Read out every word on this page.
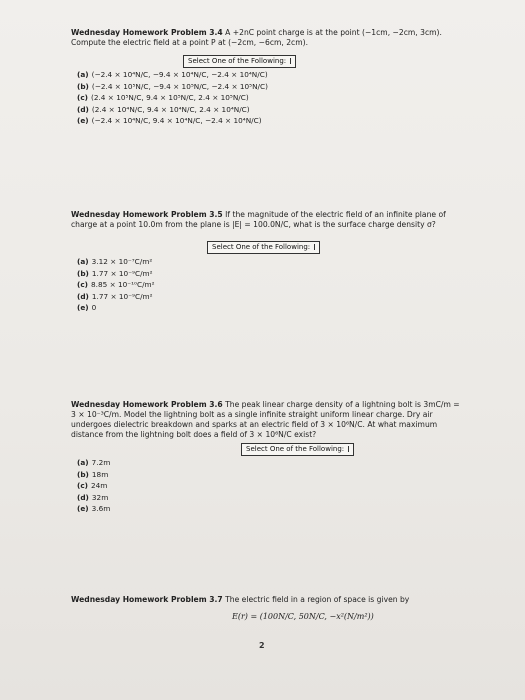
Wednesday Homework Problem 3.4 A +2nC point charge is at the point (−1cm, −2cm, 3cm). Compute the electric field at a point P at (−2cm, −6cm, 2cm).
Select One of the Following:
(a) (−2.4 × 10⁴N/C, −9.4 × 10⁴N/C, −2.4 × 10⁴N/C)
(b) (−2.4 × 10⁵N/C, −9.4 × 10⁵N/C, −2.4 × 10⁵N/C)
(c) (2.4 × 10⁵N/C, 9.4 × 10⁵N/C, 2.4 × 10⁵N/C)
(d) (2.4 × 10⁴N/C, 9.4 × 10⁴N/C, 2.4 × 10⁴N/C)
(e) (−2.4 × 10⁴N/C, 9.4 × 10⁴N/C, −2.4 × 10⁴N/C)
Wednesday Homework Problem 3.5 If the magnitude of the electric field of an infinite plane of charge at a point 10.0m from the plane is |E| = 100.0N/C, what is the surface charge density σ?
Select One of the Following:
(a) 3.12 × 10⁻⁷C/m²
(b) 1.77 × 10⁻⁹C/m²
(c) 8.85 × 10⁻¹⁰C/m²
(d) 1.77 × 10⁻⁹C/m²
(e) 0
Wednesday Homework Problem 3.6 The peak linear charge density of a lightning bolt is 3mC/m = 3 × 10⁻³C/m. Model the lightning bolt as a single infinite straight uniform linear charge. Dry air undergoes dielectric breakdown and sparks at an electric field of 3 × 10⁶N/C. At what maximum distance from the lightning bolt does a field of 3 × 10⁶N/C exist?
Select One of the Following:
(a) 7.2m
(b) 18m
(c) 24m
(d) 32m
(e) 3.6m
Wednesday Homework Problem 3.7 The electric field in a region of space is given by
E(r) = (100N/C, 50N/C, −x²(N/m²))
2
